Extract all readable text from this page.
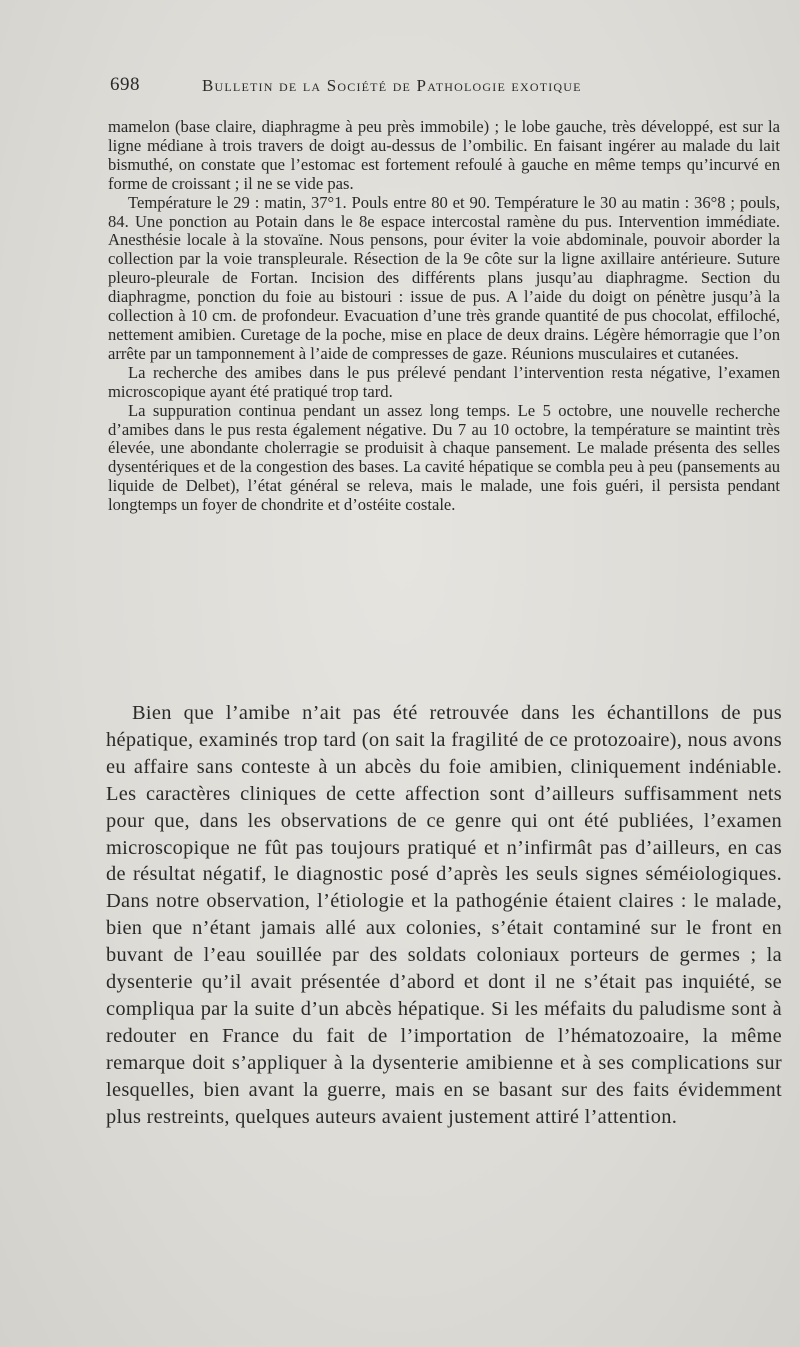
698	Bulletin de la Société de Pathologie exotique

mamelon (base claire, diaphragme à peu près immobile) ; le lobe gauche, très développé, est sur la ligne médiane à trois travers de doigt au-dessus de l’ombilic. En faisant ingérer au malade du lait bismuthé, on constate que l’estomac est fortement refoulé à gauche en même temps qu’incurvé en forme de croissant ; il ne se vide pas.

Température le 29 : matin, 37°1. Pouls entre 80 et 90. Température le 30 au matin : 36°8 ; pouls, 84. Une ponction au Potain dans le 8e espace intercostal ramène du pus. Intervention immédiate. Anesthésie locale à la stovaïne. Nous pensons, pour éviter la voie abdominale, pouvoir aborder la collection par la voie transpleurale. Résection de la 9e côte sur la ligne axillaire antérieure. Suture pleuro-pleurale de Fortan. Incision des différents plans jusqu’au diaphragme. Section du diaphragme, ponction du foie au bistouri : issue de pus. A l’aide du doigt on pénètre jusqu’à la collection à 10 cm. de profondeur. Evacuation d’une très grande quantité de pus chocolat, effiloché, nettement amibien. Curetage de la poche, mise en place de deux drains. Légère hémorragie que l’on arrête par un tamponnement à l’aide de compresses de gaze. Réunions musculaires et cutanées.

La recherche des amibes dans le pus prélevé pendant l’intervention resta négative, l’examen microscopique ayant été pratiqué trop tard.

La suppuration continua pendant un assez long temps. Le 5 octobre, une nouvelle recherche d’amibes dans le pus resta également négative. Du 7 au 10 octobre, la température se maintint très élevée, une abondante cholerragie se produisit à chaque pansement. Le malade présenta des selles dysentériques et de la congestion des bases. La cavité hépatique se combla peu à peu (pansements au liquide de Delbet), l’état général se releva, mais le malade, une fois guéri, il persista pendant longtemps un foyer de chondrite et d’ostéite costale.

Bien que l’amibe n’ait pas été retrouvée dans les échantillons de pus hépatique, examinés trop tard (on sait la fragilité de ce protozoaire), nous avons eu affaire sans conteste à un abcès du foie amibien, cliniquement indéniable. Les caractères cliniques de cette affection sont d’ailleurs suffisamment nets pour que, dans les observations de ce genre qui ont été publiées, l’examen microscopique ne fût pas toujours pratiqué et n’infirmât pas d’ailleurs, en cas de résultat négatif, le diagnostic posé d’après les seuls signes séméiologiques. Dans notre observation, l’étiologie et la pathogénie étaient claires : le malade, bien que n’étant jamais allé aux colonies, s’était contaminé sur le front en buvant de l’eau souillée par des soldats coloniaux porteurs de germes ; la dysenterie qu’il avait présentée d’abord et dont il ne s’était pas inquiété, se compliqua par la suite d’un abcès hépatique. Si les méfaits du paludisme sont à redouter en France du fait de l’importation de l’hématozoaire, la même remarque doit s’appliquer à la dysenterie amibienne et à ses complications sur lesquelles, bien avant la guerre, mais en se basant sur des faits évidemment plus restreints, quelques auteurs avaient justement attiré l’attention.
